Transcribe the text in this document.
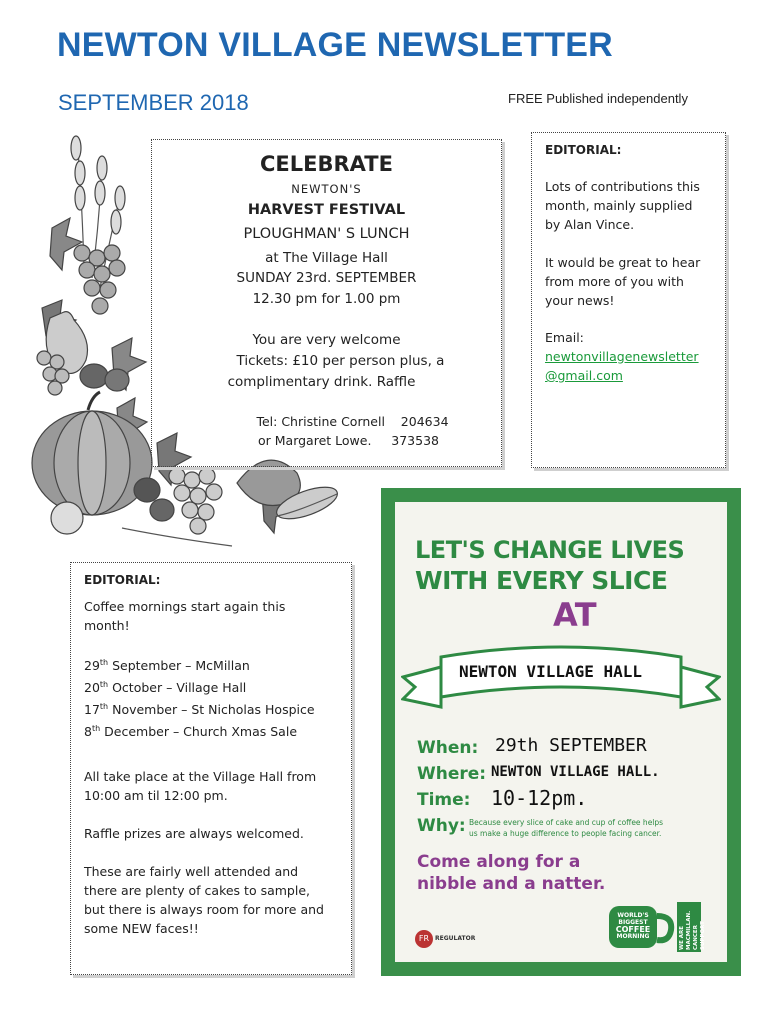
NEWTON VILLAGE NEWSLETTER
SEPTEMBER 2018	FREE Published independently
CELEBRATE
NEWTON'S
HARVEST FESTIVAL
PLOUGHMAN' S LUNCH
at The Village Hall
SUNDAY 23rd. SEPTEMBER
12.30 pm for 1.00 pm
You are very welcome
Tickets: £10 per person plus, a
complimentary drink. Raffle
Tel: Christine Cornell    204634
or Margaret Lowe.     373538
EDITORIAL:
Lots of contributions this
month, mainly supplied
by Alan Vince.
It would be great to hear
from more of you with
your news!
Email:
newtonvillagenewsletter
@gmail.com
EDITORIAL:
Coffee mornings start again this
month!
29th September – McMillan
20th October – Village Hall
17th November – St Nicholas Hospice
8th December – Church Xmas Sale
All take place at the Village Hall from
10:00 am til 12:00 pm.
Raffle prizes are always welcomed.
These are fairly well attended and
there are plenty of cakes to sample,
but there is always room for more and
some NEW faces!!
LET'S CHANGE LIVES
WITH EVERY SLICE
AT
NEWTON VILLAGE HALL
When: 29th SEPTEMBER
Where: NEWTON VILLAGE HALL.
Time: 10-12pm.
Why: Because every slice of cake and cup of coffee helps
us make a huge difference to people facing cancer.
Come along for a
nibble and a natter.
FR REGULATOR
WORLD'S
BIGGEST
COFFEE
MORNING	WE ARE MACMILLAN. CANCER SUPPORT
